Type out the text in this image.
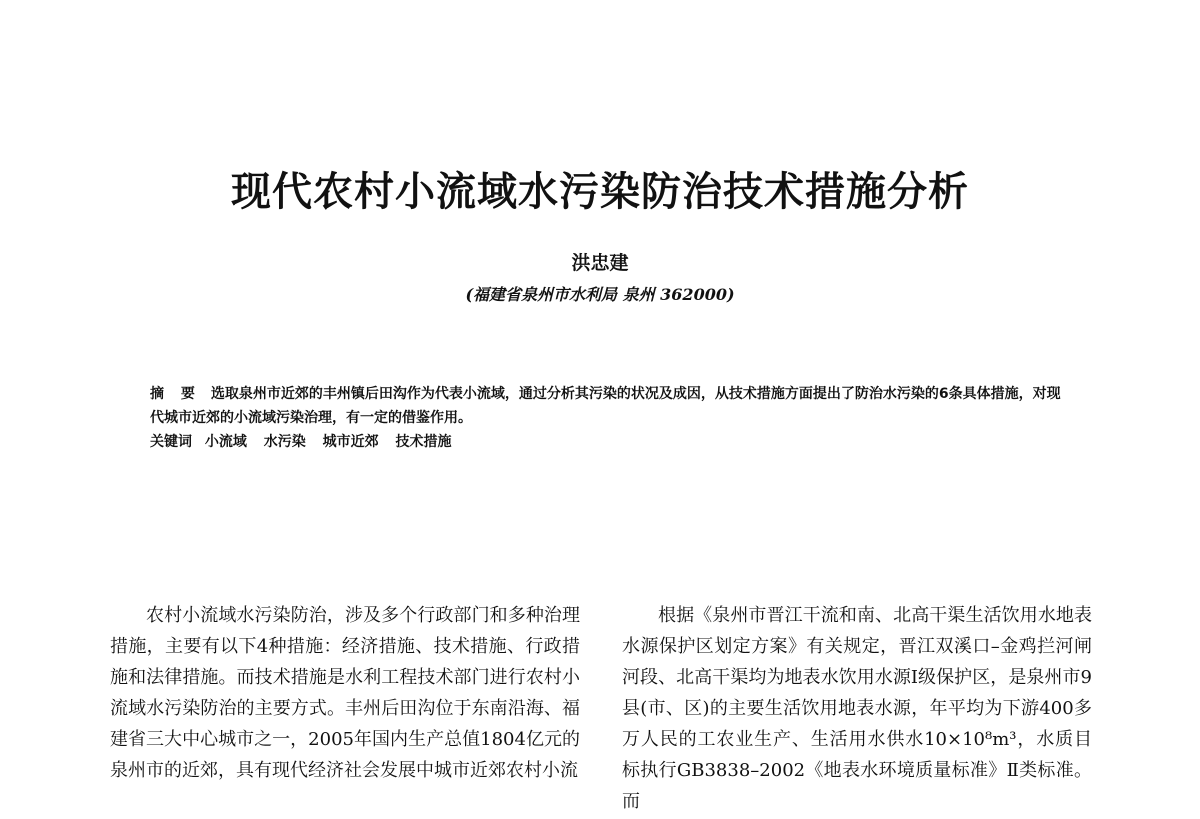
现代农村小流域水污染防治技术措施分析
洪忠建
(福建省泉州市水利局 泉州 362000)
摘 要 选取泉州市近郊的丰州镇后田沟作为代表小流域，通过分析其污染的状况及成因，从技术措施方面提出了防治水污染的6条具体措施，对现代城市近郊的小流域污染治理，有一定的借鉴作用。
关键词 小流域 水污染 城市近郊 技术措施

农村小流域水污染防治，涉及多个行政部门和多种治理措施，主要有以下4种措施：经济措施、技术措施、行政措施和法律措施。而技术措施是水利工程技术部门进行农村小流域水污染防治的主要方式。丰州后田沟位于东南沿海、福建省三大中心城市之一，2005年国内生产总值1804亿元的泉州市的近郊，具有现代经济社会发展中城市近郊农村小流

根据《泉州市晋江干流和南、北高干渠生活饮用水地表水源保护区划定方案》有关规定，晋江双溪口–金鸡拦河闸河段、北高干渠均为地表水饮用水源Ⅰ级保护区，是泉州市9县(市、区)的主要生活饮用地表水源，年平均为下游400多万人民的工农业生产、生活用水供水10×10⁸m³，水质目标执行GB3838–2002《地表水环境质量标准》Ⅱ类标准。而
